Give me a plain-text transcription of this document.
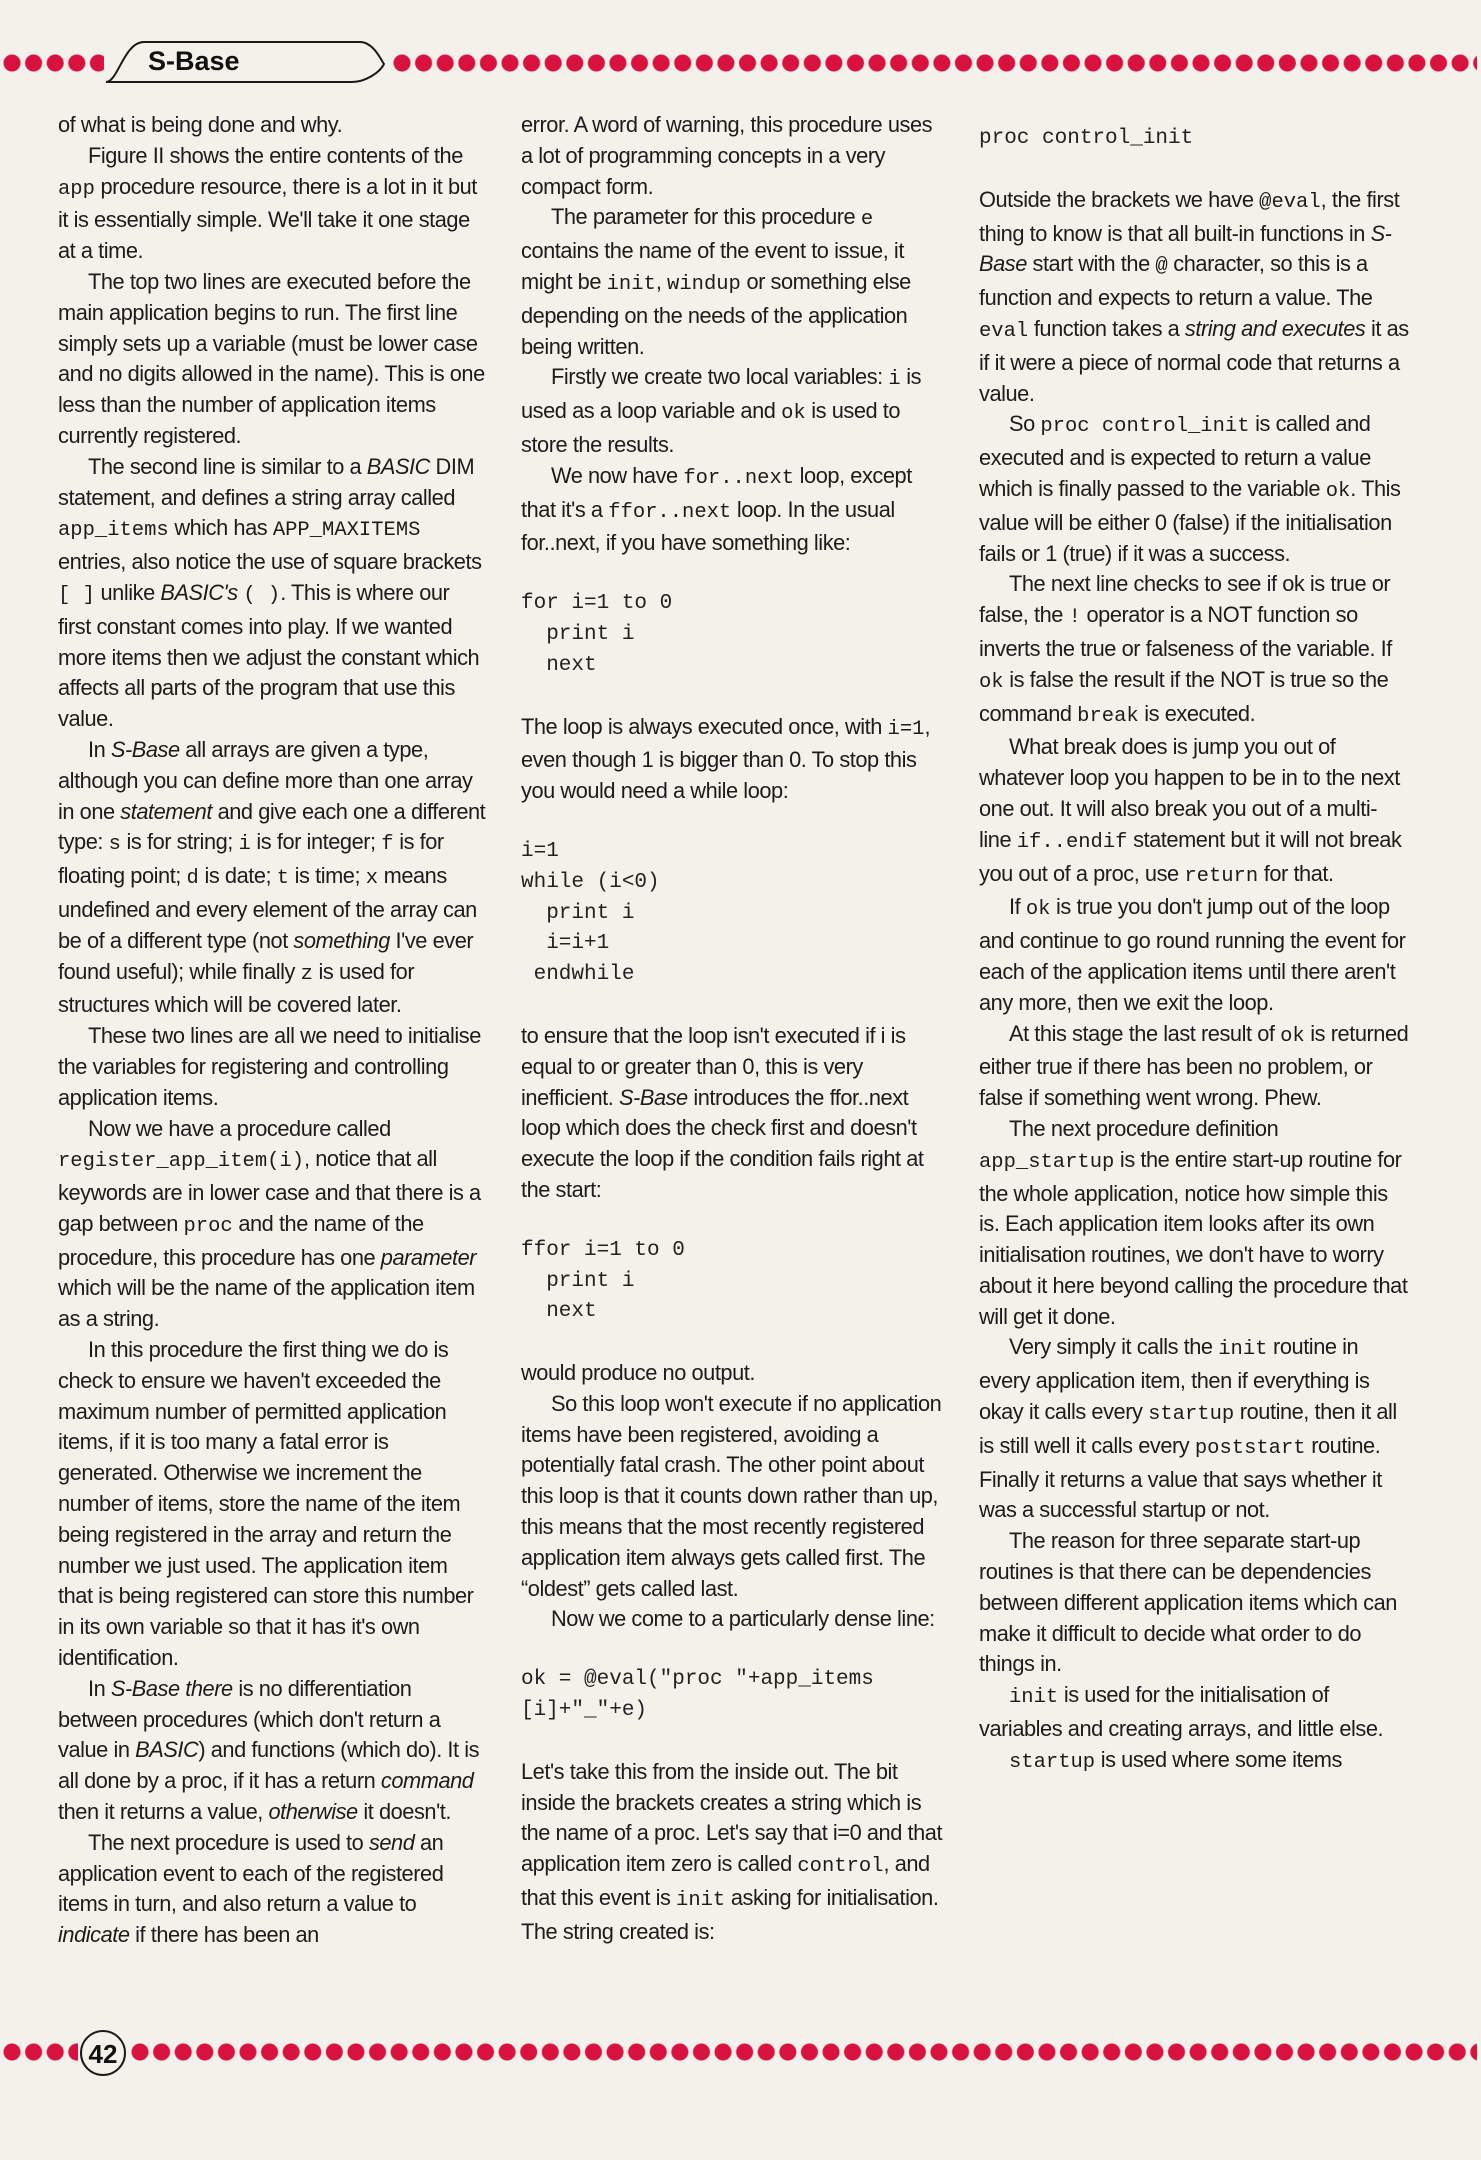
S-Base

of what is being done and why.

Figure II shows the entire contents of the app procedure resource, there is a lot in it but it is essentially simple. We'll take it one stage at a time.

The top two lines are executed before the main application begins to run. The first line simply sets up a variable (must be lower case and no digits allowed in the name). This is one less than the number of application items currently registered.

The second line is similar to a BASIC DIM statement, and defines a string array called app_items which has APP_MAXITEMS entries, also notice the use of square brackets [ ] unlike BASIC's ( ). This is where our first constant comes into play. If we wanted more items then we adjust the constant which affects all parts of the program that use this value.

In S-Base all arrays are given a type, although you can define more than one array in one statement and give each one a different type: s is for string; i is for integer; f is for floating point; d is date; t is time; x means undefined and every element of the array can be of a different type (not something I've ever found useful); while finally z is used for structures which will be covered later.

These two lines are all we need to initialise the variables for registering and controlling application items.

Now we have a procedure called register_app_item(i), notice that all keywords are in lower case and that there is a gap between proc and the name of the procedure, this procedure has one parameter which will be the name of the application item as a string.

In this procedure the first thing we do is check to ensure we haven't exceeded the maximum number of permitted application items, if it is too many a fatal error is generated. Otherwise we increment the number of items, store the name of the item being registered in the array and return the number we just used. The application item that is being registered can store this number in its own variable so that it has it's own identification.

In S-Base there is no differentiation between procedures (which don't return a value in BASIC) and functions (which do). It is all done by a proc, if it has a return command then it returns a value, otherwise it doesn't.

The next procedure is used to send an application event to each of the registered items in turn, and also return a value to indicate if there has been an

error. A word of warning, this procedure uses a lot of programming concepts in a very compact form.

The parameter for this procedure e contains the name of the event to issue, it might be init, windup or something else depending on the needs of the application being written.

Firstly we create two local variables: i is used as a loop variable and ok is used to store the results.

We now have for..next loop, except that it's a ffor..next loop. In the usual for..next, if you have something like:

for i=1 to 0
print i
next

The loop is always executed once, with i=1, even though 1 is bigger than 0. To stop this you would need a while loop:

i=1
while (i<0)
print i
i=i+1
endwhile

to ensure that the loop isn't executed if i is equal to or greater than 0, this is very inefficient. S-Base introduces the ffor..next loop which does the check first and doesn't execute the loop if the condition fails right at the start:

ffor i=1 to 0
print i
next

would produce no output.

So this loop won't execute if no application items have been registered, avoiding a potentially fatal crash. The other point about this loop is that it counts down rather than up, this means that the most recently registered application item always gets called first. The “oldest” gets called last.

Now we come to a particularly dense line:

ok = @eval("proc "+app_items
[i]+"_"+e)

Let's take this from the inside out. The bit inside the brackets creates a string which is the name of a proc. Let's say that i=0 and that application item zero is called control, and that this event is init asking for initialisation. The string created is:

proc control_init

Outside the brackets we have @eval, the first thing to know is that all built-in functions in S-Base start with the @ character, so this is a function and expects to return a value. The eval function takes a string and executes it as if it were a piece of normal code that returns a value.

So proc control_init is called and executed and is expected to return a value which is finally passed to the variable ok. This value will be either 0 (false) if the initialisation fails or 1 (true) if it was a success.

The next line checks to see if ok is true or false, the ! operator is a NOT function so inverts the true or falseness of the variable. If ok is false the result if the NOT is true so the command break is executed.

What break does is jump you out of whatever loop you happen to be in to the next one out. It will also break you out of a multi-line if..endif statement but it will not break you out of a proc, use return for that.

If ok is true you don't jump out of the loop and continue to go round running the event for each of the application items until there aren't any more, then we exit the loop.

At this stage the last result of ok is returned either true if there has been no problem, or false if something went wrong. Phew.

The next procedure definition app_startup is the entire start-up routine for the whole application, notice how simple this is. Each application item looks after its own initialisation routines, we don't have to worry about it here beyond calling the procedure that will get it done.

Very simply it calls the init routine in every application item, then if everything is okay it calls every startup routine, then it all is still well it calls every poststart routine. Finally it returns a value that says whether it was a successful startup or not.

The reason for three separate start-up routines is that there can be dependencies between different application items which can make it difficult to decide what order to do things in.

init is used for the initialisation of variables and creating arrays, and little else.

startup is used where some items

42
